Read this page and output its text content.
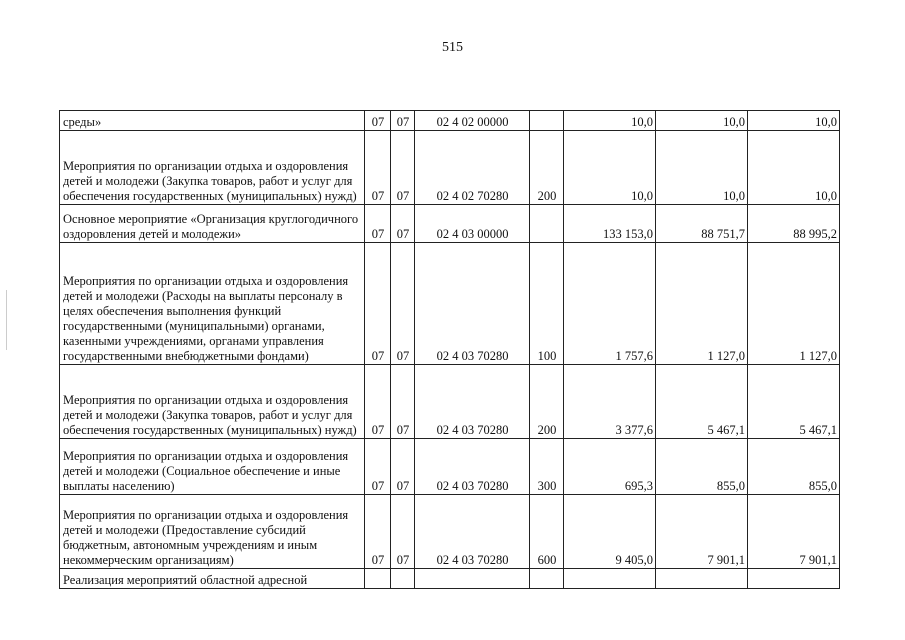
515
среды»	07	07	02 4 02 00000		10,0	10,0	10,0
Мероприятия по организации отдыха и оздоровления детей и молодежи (Закупка товаров, работ и услуг для обеспечения государственных (муниципальных) нужд)	07	07	02 4 02 70280	200	10,0	10,0	10,0
Основное мероприятие «Организация круглогодичного оздоровления детей и молодежи»	07	07	02 4 03 00000		133 153,0	88 751,7	88 995,2
Мероприятия по организации отдыха и оздоровления детей и молодежи (Расходы на выплаты персоналу в целях обеспечения выполнения функций государственными (муниципальными) органами, казенными учреждениями, органами управления государственными внебюджетными фондами)	07	07	02 4 03 70280	100	1 757,6	1 127,0	1 127,0
Мероприятия по организации отдыха и оздоровления детей и молодежи (Закупка товаров, работ и услуг для обеспечения государственных (муниципальных) нужд)	07	07	02 4 03 70280	200	3 377,6	5 467,1	5 467,1
Мероприятия по организации отдыха и оздоровления детей и молодежи (Социальное обеспечение и иные выплаты населению)	07	07	02 4 03 70280	300	695,3	855,0	855,0
Мероприятия по организации отдыха и оздоровления детей и молодежи (Предоставление субсидий бюджетным, автономным учреждениям и иным некоммерческим организациям)	07	07	02 4 03 70280	600	9 405,0	7 901,1	7 901,1
Реализация мероприятий областной адресной							
